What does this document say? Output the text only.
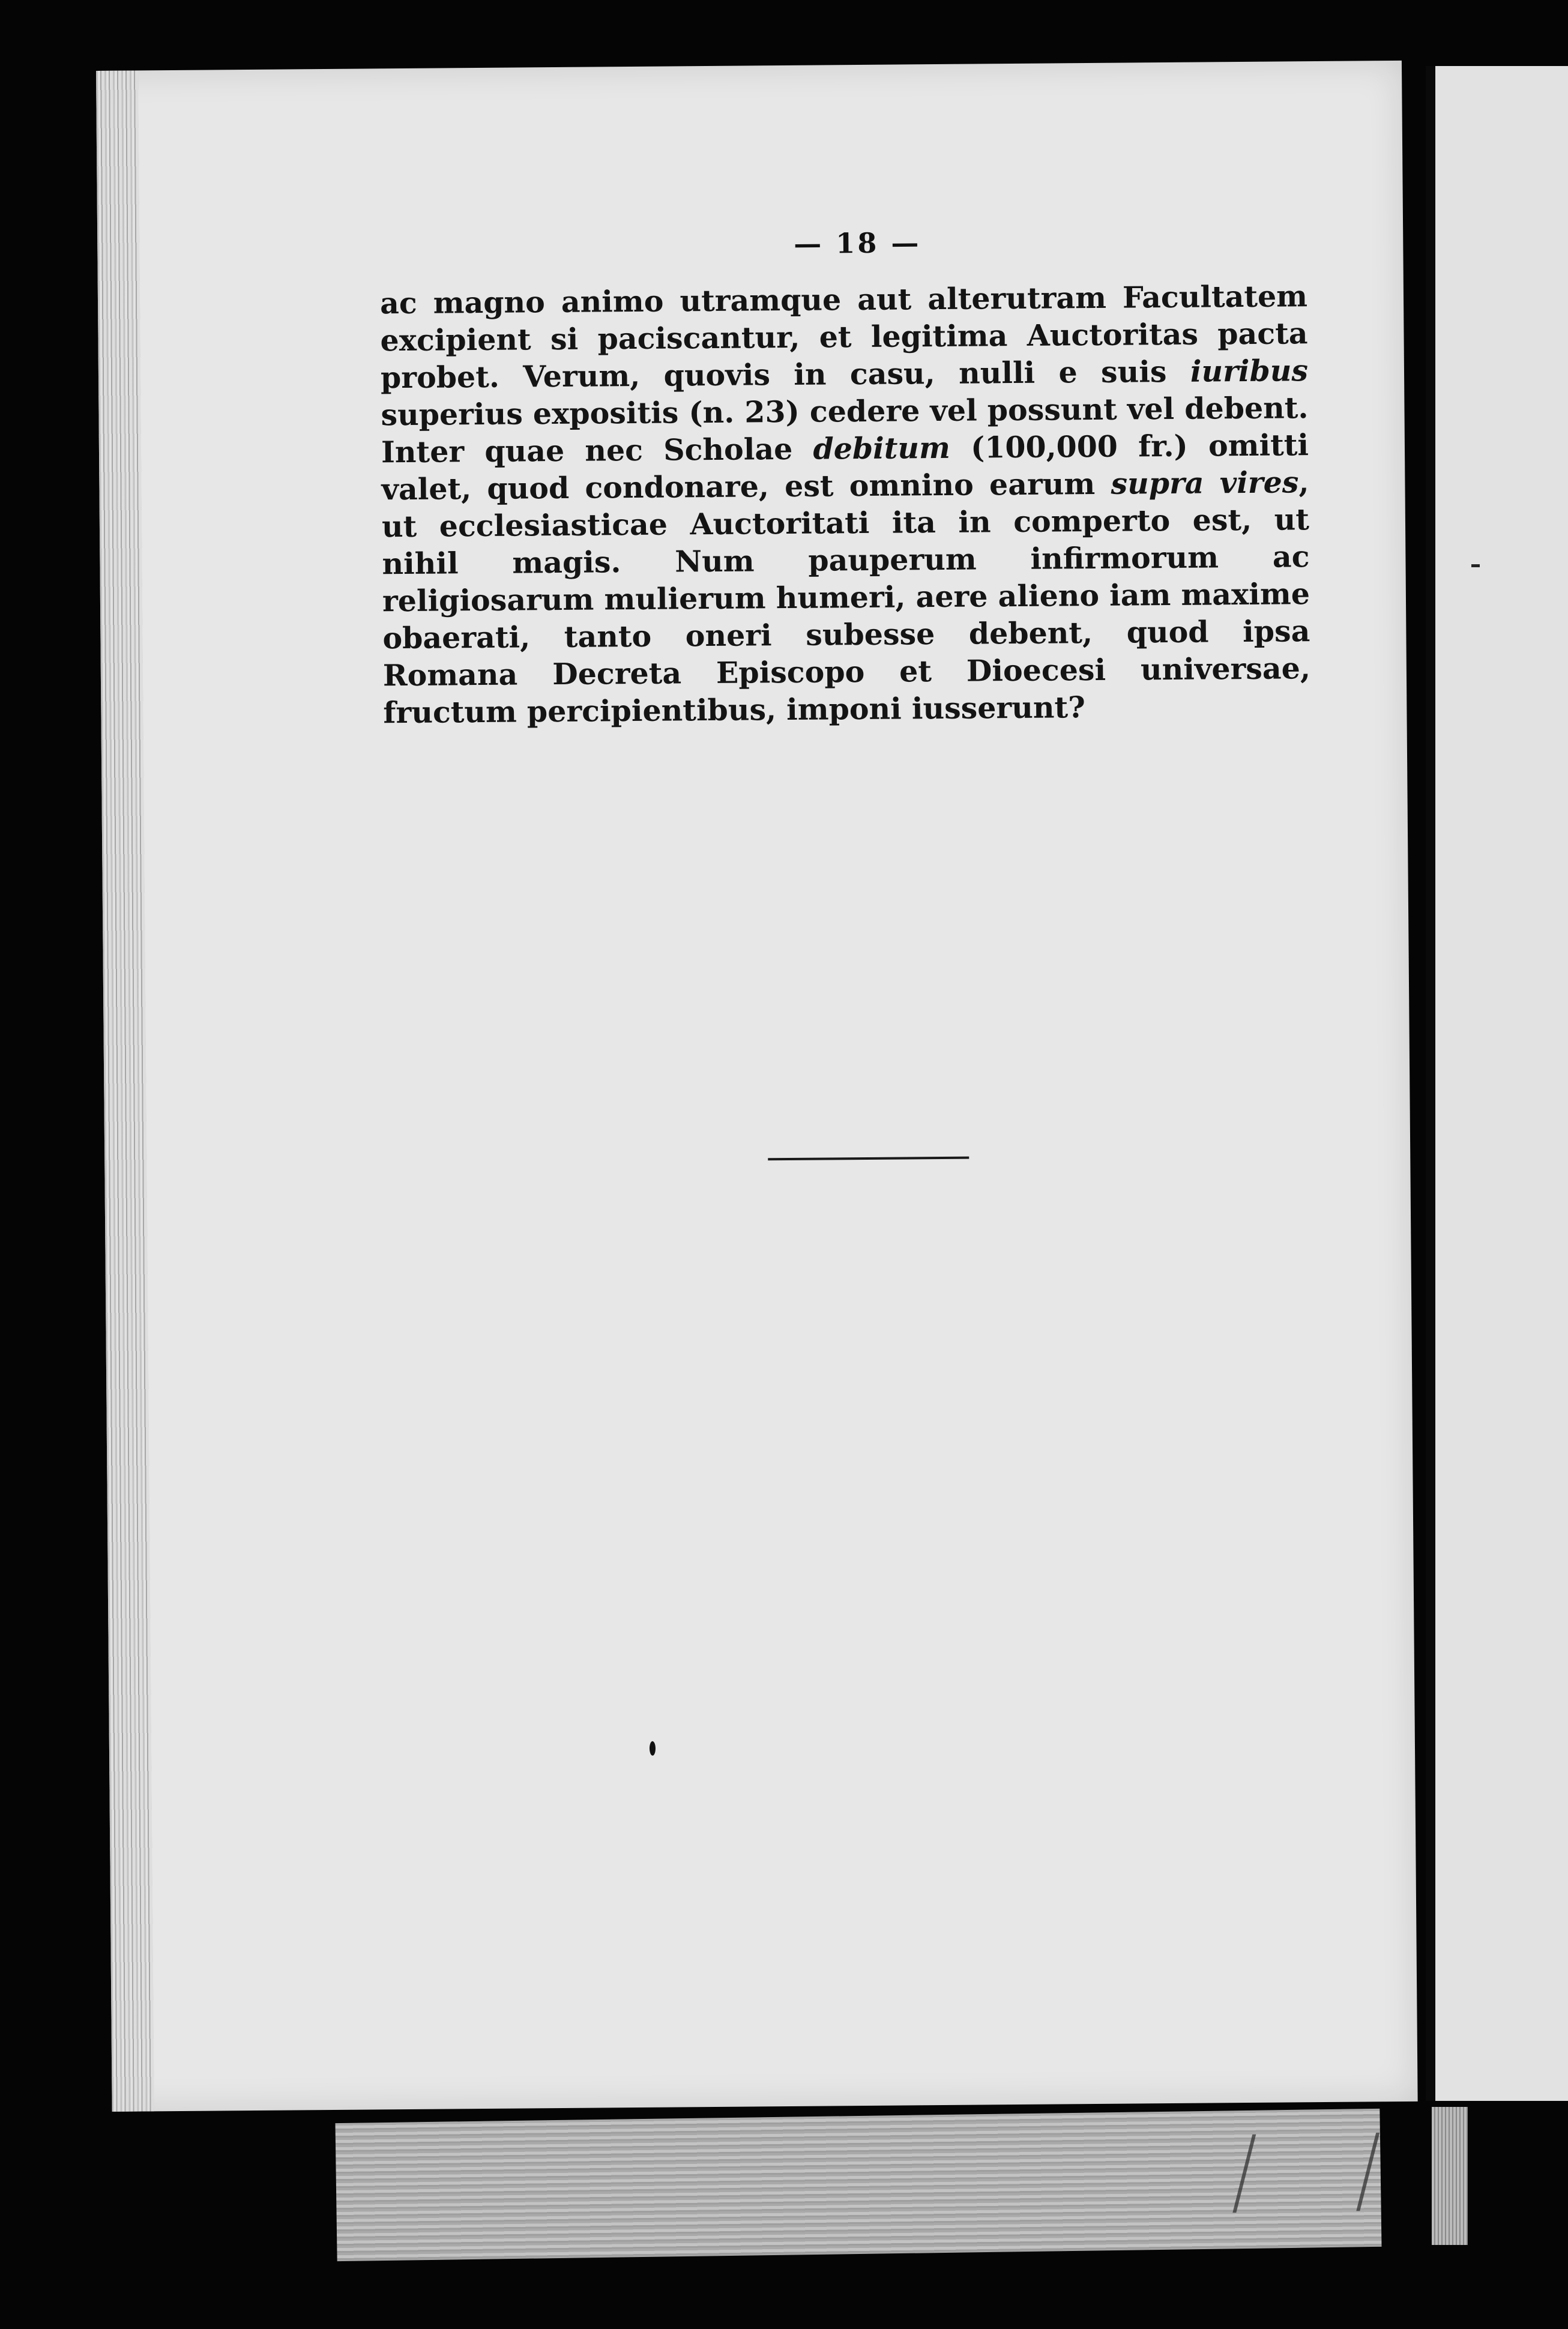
— 18 —

ac magno animo utramque aut alterutram Facultatem excipient si paciscantur, et legitima Auctoritas pacta probet. Verum, quovis in casu, nulli e suis iuribus superius expositis (n. 23) cedere vel possunt vel debent. Inter quae nec Scholae debitum (100,000 fr.) omitti valet, quod condonare, est omnino earum supra vires, ut ecclesiasticae Auctoritati ita in comperto est, ut nihil magis. Num pauperum infirmorum ac religiosarum mulierum humeri, aere alieno iam maxime obaerati, tanto oneri subesse debent, quod ipsa Romana Decreta Episcopo et Dioecesi universae, fructum percipientibus, imponi iusserunt?
